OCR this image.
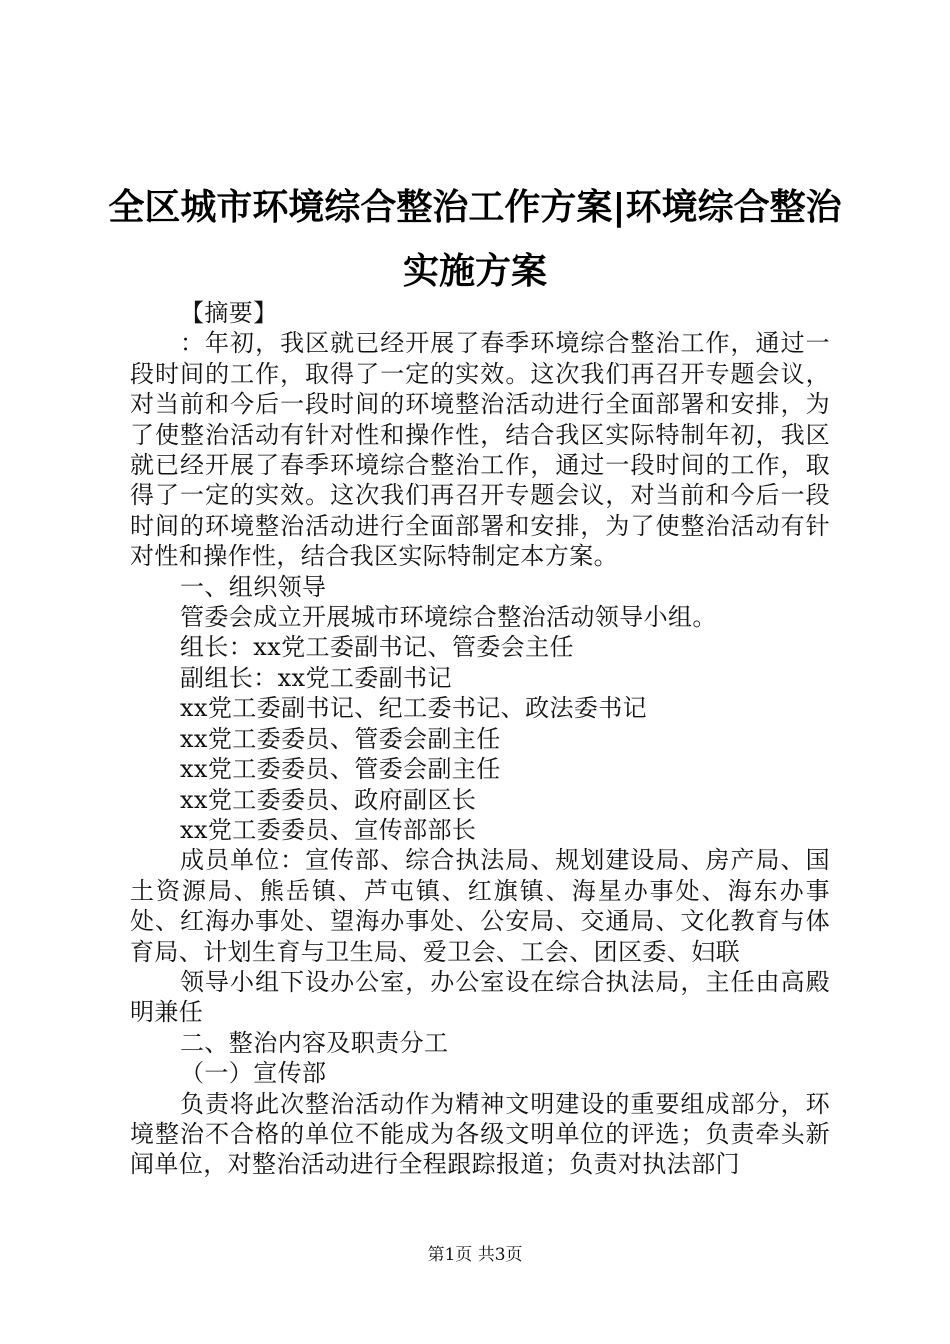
全区城市环境综合整治工作方案|环境综合整治实施方案

【摘要】

：年初，我区就已经开展了春季环境综合整治工作，通过一段时间的工作，取得了一定的实效。这次我们再召开专题会议，对当前和今后一段时间的环境整治活动进行全面部署和安排，为了使整治活动有针对性和操作性，结合我区实际特制年初，我区就已经开展了春季环境综合整治工作，通过一段时间的工作，取得了一定的实效。这次我们再召开专题会议，对当前和今后一段时间的环境整治活动进行全面部署和安排，为了使整治活动有针对性和操作性，结合我区实际特制定本方案。

一、组织领导

管委会成立开展城市环境综合整治活动领导小组。

组长：xx党工委副书记、管委会主任

副组长：xx党工委副书记

xx党工委副书记、纪工委书记、政法委书记

xx党工委委员、管委会副主任

xx党工委委员、管委会副主任

xx党工委委员、政府副区长

xx党工委委员、宣传部部长

成员单位：宣传部、综合执法局、规划建设局、房产局、国土资源局、熊岳镇、芦屯镇、红旗镇、海星办事处、海东办事处、红海办事处、望海办事处、公安局、交通局、文化教育与体育局、计划生育与卫生局、爱卫会、工会、团区委、妇联

领导小组下设办公室，办公室设在综合执法局，主任由高殿明兼任

二、整治内容及职责分工

（一）宣传部

负责将此次整治活动作为精神文明建设的重要组成部分，环境整治不合格的单位不能成为各级文明单位的评选；负责牵头新闻单位，对整治活动进行全程跟踪报道；负责对执法部门

第1页 共3页
